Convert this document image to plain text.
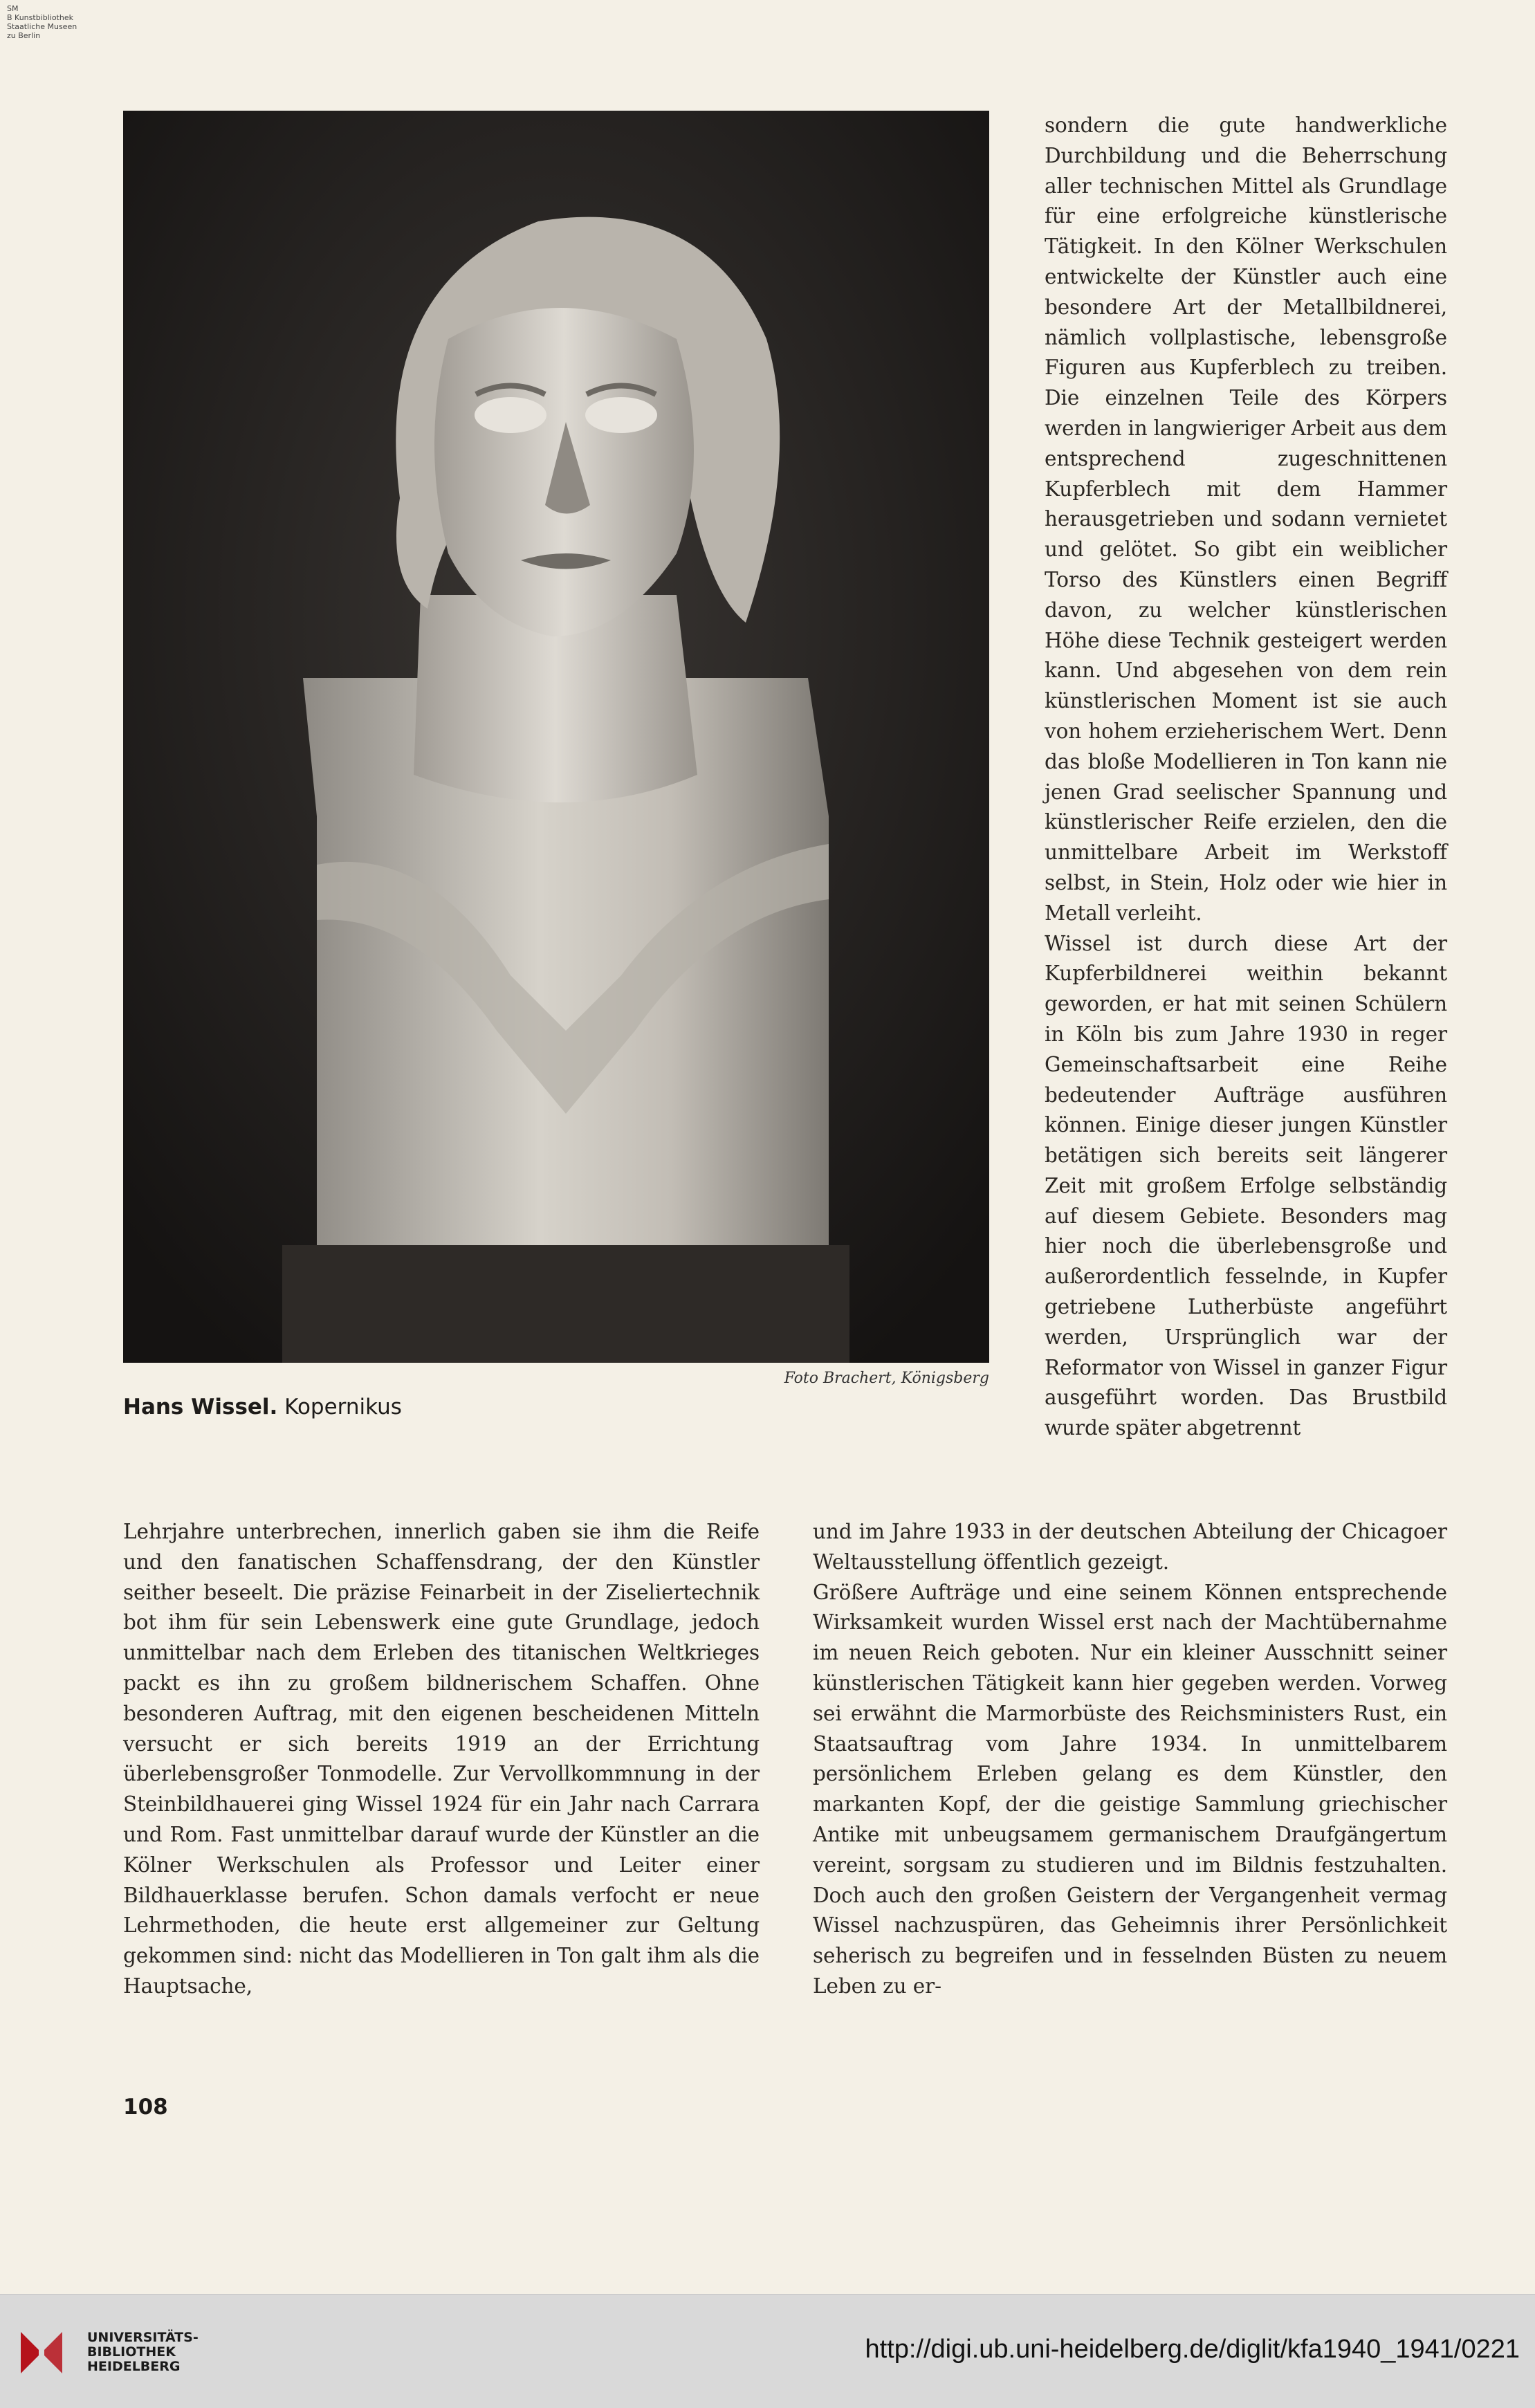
SM
B Kunstbibliothek
Staatliche Museen
zu Berlin
Foto Brachert, Königsberg
Hans Wissel. Kopernikus

sondern die gute handwerkliche Durchbildung und die Beherrschung aller technischen Mittel als Grundlage für eine erfolgreiche künstlerische Tätigkeit. In den Kölner Werkschulen entwickelte der Künstler auch eine besondere Art der Metallbildnerei, nämlich vollplastische, lebensgroße Figuren aus Kupferblech zu treiben. Die einzelnen Teile des Körpers werden in langwieriger Arbeit aus dem entsprechend zugeschnittenen Kupferblech mit dem Hammer herausgetrieben und sodann vernietet und gelötet. So gibt ein weiblicher Torso des Künstlers einen Begriff davon, zu welcher künstlerischen Höhe diese Technik gesteigert werden kann. Und abgesehen von dem rein künstlerischen Moment ist sie auch von hohem erzieherischem Wert. Denn das bloße Modellieren in Ton kann nie jenen Grad seelischer Spannung und künstlerischer Reife erzielen, den die unmittelbare Arbeit im Werkstoff selbst, in Stein, Holz oder wie hier in Metall verleiht.

Wissel ist durch diese Art der Kupferbildnerei weithin bekannt geworden, er hat mit seinen Schülern in Köln bis zum Jahre 1930 in reger Gemeinschaftsarbeit eine Reihe bedeutender Aufträge ausführen können. Einige dieser jungen Künstler betätigen sich bereits seit längerer Zeit mit großem Erfolge selbständig auf diesem Gebiete. Besonders mag hier noch die überlebensgroße und außerordentlich fesselnde, in Kupfer getriebene Lutherbüste angeführt werden, Ursprünglich war der Reformator von Wissel in ganzer Figur ausgeführt worden. Das Brustbild wurde später abgetrennt

Lehrjahre unterbrechen, innerlich gaben sie ihm die Reife und den fanatischen Schaffensdrang, der den Künstler seither beseelt. Die präzise Feinarbeit in der Ziseliertechnik bot ihm für sein Lebenswerk eine gute Grundlage, jedoch unmittelbar nach dem Erleben des titanischen Weltkrieges packt es ihn zu großem bildnerischem Schaffen. Ohne besonderen Auftrag, mit den eigenen bescheidenen Mitteln versucht er sich bereits 1919 an der Errichtung überlebensgroßer Tonmodelle. Zur Vervollkommnung in der Steinbildhauerei ging Wissel 1924 für ein Jahr nach Carrara und Rom. Fast unmittelbar darauf wurde der Künstler an die Kölner Werkschulen als Professor und Leiter einer Bildhauerklasse berufen. Schon damals verfocht er neue Lehrmethoden, die heute erst allgemeiner zur Geltung gekommen sind: nicht das Modellieren in Ton galt ihm als die Hauptsache,

und im Jahre 1933 in der deutschen Abteilung der Chicagoer Weltausstellung öffentlich gezeigt.

Größere Aufträge und eine seinem Können entsprechende Wirksamkeit wurden Wissel erst nach der Machtübernahme im neuen Reich geboten. Nur ein kleiner Ausschnitt seiner künstlerischen Tätigkeit kann hier gegeben werden. Vorweg sei erwähnt die Marmorbüste des Reichsministers Rust, ein Staatsauftrag vom Jahre 1934. In unmittelbarem persönlichem Erleben gelang es dem Künstler, den markanten Kopf, der die geistige Sammlung griechischer Antike mit unbeugsamem germanischem Draufgängertum vereint, sorgsam zu studieren und im Bildnis festzuhalten. Doch auch den großen Geistern der Vergangenheit vermag Wissel nachzuspüren, das Geheimnis ihrer Persönlichkeit seherisch zu begreifen und in fesselnden Büsten zu neuem Leben zu er-

108
UNIVERSITÄTS-
BIBLIOTHEK
HEIDELBERG
http://digi.ub.uni-heidelberg.de/diglit/kfa1940_1941/0221
